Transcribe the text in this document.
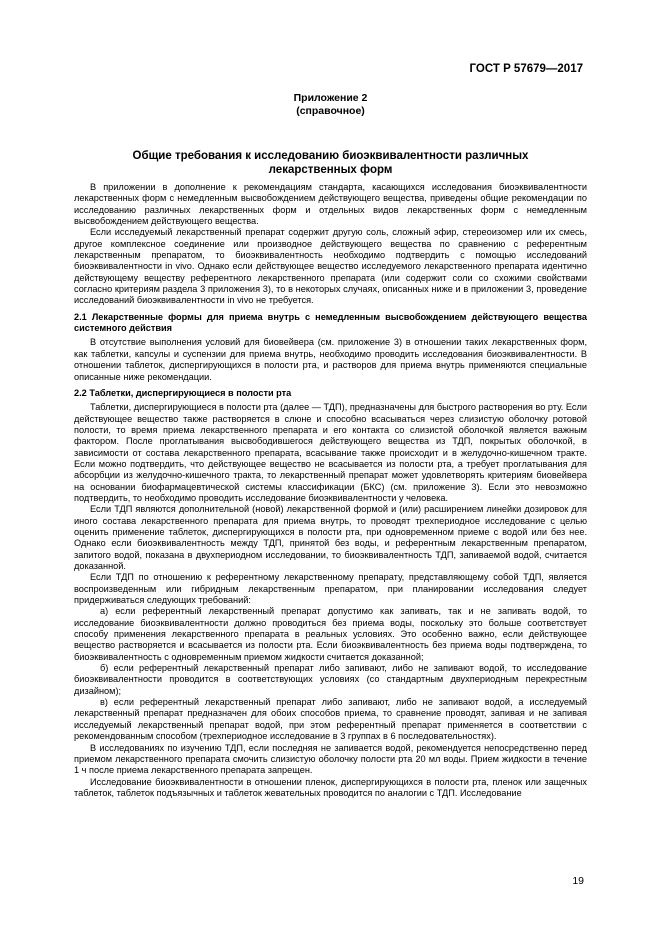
ГОСТ Р 57679—2017
Приложение 2
(справочное)
Общие требования к исследованию биоэквивалентности различных
лекарственных форм

В приложении в дополнение к рекомендациям стандарта, касающихся исследования биоэквивалентности лекарственных форм с немедленным высвобождением действующего вещества, приведены общие рекомендации по исследованию различных лекарственных форм и отдельных видов лекарственных форм с немедленным высвобождением действующего вещества.

Если исследуемый лекарственный препарат содержит другую соль, сложный эфир, стереоизомер или их смесь, другое комплексное соединение или производное действующего вещества по сравнению с референтным лекарственным препаратом, то биоэквивалентность необходимо подтвердить с помощью исследований биоэквивалентности in vivo. Однако если действующее вещество исследуемого лекарственного препарата идентично действующему веществу референтного лекарственного препарата (или содержит соли со схожими свойствами согласно критериям раздела 3 приложения 3), то в некоторых случаях, описанных ниже и в приложении 3, проведение исследований биоэквивалентности in vivo не требуется.

2.1 Лекарственные формы для приема внутрь с немедленным высвобождением действующего вещества системного действия

В отсутствие выполнения условий для биовейвера (см. приложение 3) в отношении таких лекарственных форм, как таблетки, капсулы и суспензии для приема внутрь, необходимо проводить исследования биоэквивалентности. В отношении таблеток, диспергирующихся в полости рта, и растворов для приема внутрь применяются специальные описанные ниже рекомендации.

2.2 Таблетки, диспергирующиеся в полости рта

Таблетки, диспергирующиеся в полости рта (далее — ТДП), предназначены для быстрого растворения во рту. Если действующее вещество также растворяется в слюне и способно всасываться через слизистую оболочку ротовой полости, то время приема лекарственного препарата и его контакта со слизистой оболочкой является важным фактором. После проглатывания высвободившегося действующего вещества из ТДП, покрытых оболочкой, в зависимости от состава лекарственного препарата, всасывание также происходит и в желудочно-кишечном тракте. Если можно подтвердить, что действующее вещество не всасывается из полости рта, а требует проглатывания для абсорбции из желудочно-кишечного тракта, то лекарственный препарат может удовлетворять критериям биовейвера на основании биофармацевтической системы классификации (БКС) (см. приложение 3). Если это невозможно подтвердить, то необходимо проводить исследование биоэквивалентности у человека.

Если ТДП являются дополнительной (новой) лекарственной формой и (или) расширением линейки дозировок для иного состава лекарственного препарата для приема внутрь, то проводят трехпериодное исследование с целью оценить применение таблеток, диспергирующихся в полости рта, при одновременном приеме с водой или без нее. Однако если биоэквивалентность между ТДП, принятой без воды, и референтным лекарственным препаратом, запитого водой, показана в двухпериодном исследовании, то биоэквивалентность ТДП, запиваемой водой, считается доказанной.

Если ТДП по отношению к референтному лекарственному препарату, представляющему собой ТДП, является воспроизведенным или гибридным лекарственным препаратом, при планировании исследования следует придерживаться следующих требований:

а) если референтный лекарственный препарат допустимо как запивать, так и не запивать водой, то исследование биоэквивалентности должно проводиться без приема воды, поскольку это больше соответствует способу применения лекарственного препарата в реальных условиях. Это особенно важно, если действующее вещество растворяется и всасывается из полости рта. Если биоэквивалентность без приема воды подтверждена, то биоэквивалентность с одновременным приемом жидкости считается доказанной;

б) если референтный лекарственный препарат либо запивают, либо не запивают водой, то исследование биоэквивалентности проводится в соответствующих условиях (со стандартным двухпериодным перекрестным дизайном);

в) если референтный лекарственный препарат либо запивают, либо не запивают водой, а исследуемый лекарственный препарат предназначен для обоих способов приема, то сравнение проводят, запивая и не запивая исследуемый лекарственный препарат водой, при этом референтный препарат применяется в соответствии с рекомендованным способом (трехпериодное исследование в 3 группах в 6 последовательностях).

В исследованиях по изучению ТДП, если последняя не запивается водой, рекомендуется непосредственно перед приемом лекарственного препарата смочить слизистую оболочку полости рта 20 мл воды. Прием жидкости в течение 1 ч после приема лекарственного препарата запрещен.

Исследование биоэквивалентности в отношении пленок, диспергирующихся в полости рта, пленок или защечных таблеток, таблеток подъязычных и таблеток жевательных проводится по аналогии с ТДП. Исследование

19
